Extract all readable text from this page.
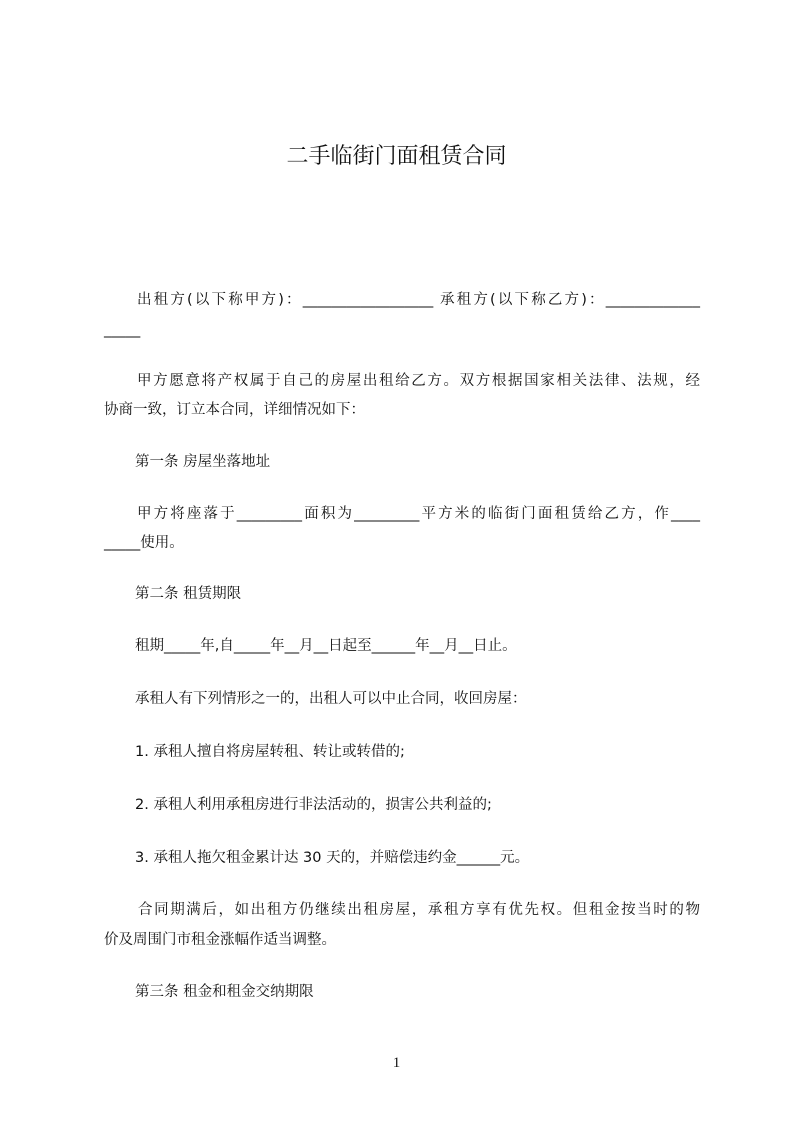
二手临街门面租赁合同
出租方(以下称甲方)：__________________ 承租方(以下称乙方)：_____________
_____
甲方愿意将产权属于自己的房屋出租给乙方。双方根据国家相关法律、法规，经
协商一致，订立本合同，详细情况如下：
第一条 房屋坐落地址
甲方将座落于_________面积为_________平方米的临街门面租赁给乙方，作____
_____使用。
第二条 租赁期限
租期_____年,自_____年__月__日起至______年__月__日止。
承租人有下列情形之一的，出租人可以中止合同，收回房屋：
1. 承租人擅自将房屋转租、转让或转借的;
2. 承租人利用承租房进行非法活动的，损害公共利益的;
3. 承租人拖欠租金累计达 30 天的，并赔偿违约金______元。
合同期满后，如出租方仍继续出租房屋，承租方享有优先权。但租金按当时的物
价及周围门市租金涨幅作适当调整。
第三条 租金和租金交纳期限
1
